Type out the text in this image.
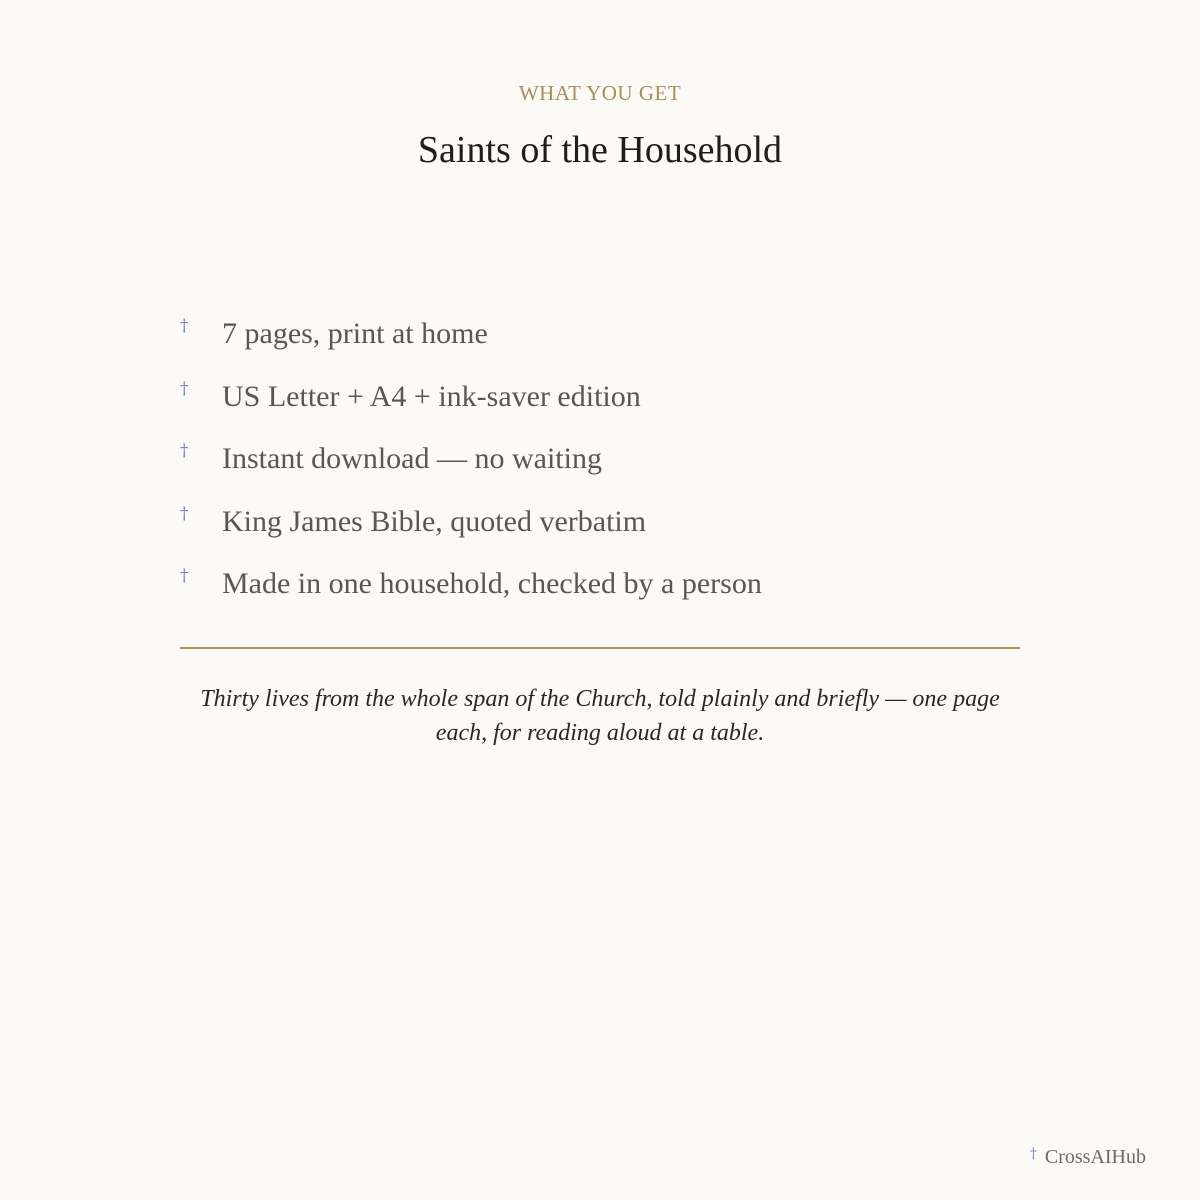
WHAT YOU GET
Saints of the Household
† 7 pages, print at home
† US Letter + A4 + ink-saver edition
† Instant download — no waiting
† King James Bible, quoted verbatim
† Made in one household, checked by a person

Thirty lives from the whole span of the Church, told plainly and briefly — one page each, for reading aloud at a table.

† CrossAIHub
